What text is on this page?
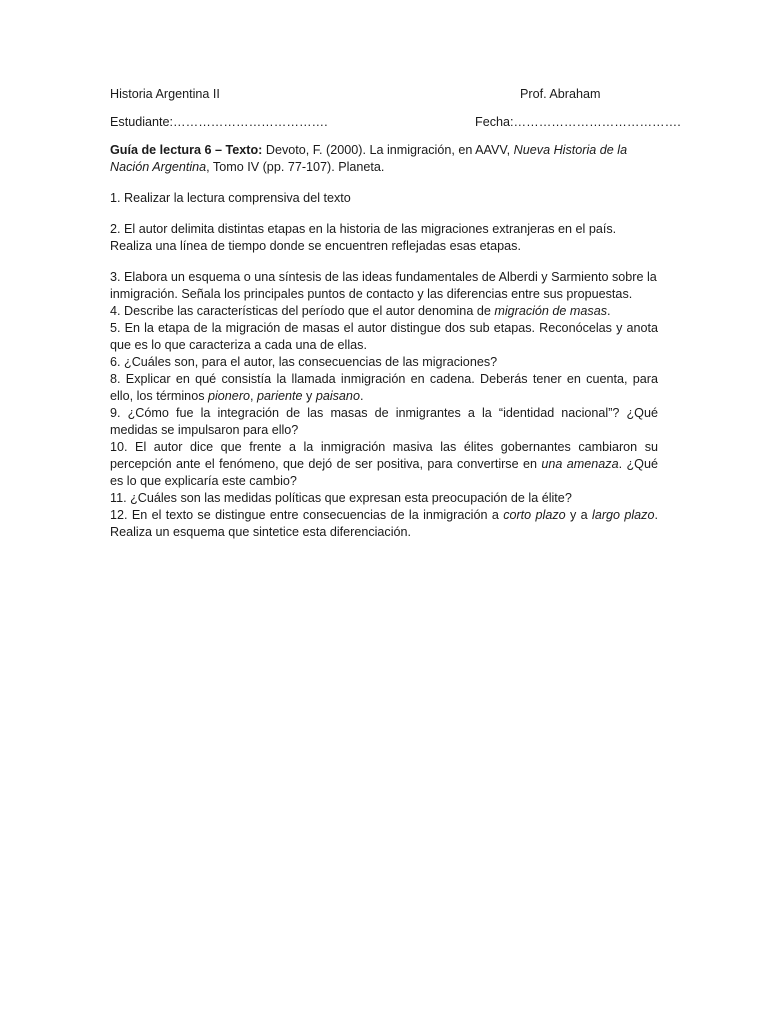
Historia Argentina II	Prof. Abraham
Estudiante:……………………………….	Fecha:………………………………….

Guía de lectura 6 – Texto: Devoto, F. (2000). La inmigración, en AAVV, Nueva Historia de la Nación Argentina, Tomo IV (pp. 77-107). Planeta.

1. Realizar la lectura comprensiva del texto

2. El autor delimita distintas etapas en la historia de las migraciones extranjeras en el país. Realiza una línea de tiempo donde se encuentren reflejadas esas etapas.

3. Elabora un esquema o una síntesis de las ideas fundamentales de Alberdi y Sarmiento sobre la inmigración. Señala los principales puntos de contacto y las diferencias entre sus propuestas.

4. Describe las características del período que el autor denomina de migración de masas.

5. En la etapa de la migración de masas el autor distingue dos sub etapas. Reconócelas y anota que es lo que caracteriza a cada una de ellas.

6. ¿Cuáles son, para el autor, las consecuencias de las migraciones?

8. Explicar en qué consistía la llamada inmigración en cadena. Deberás tener en cuenta, para ello, los términos pionero, pariente y paisano.

9. ¿Cómo fue la integración de las masas de inmigrantes a la “identidad nacional”? ¿Qué medidas se impulsaron para ello?

10. El autor dice que frente a la inmigración masiva las élites gobernantes cambiaron su percepción ante el fenómeno, que dejó de ser positiva, para convertirse en una amenaza. ¿Qué es lo que explicaría este cambio?

11. ¿Cuáles son las medidas políticas que expresan esta preocupación de la élite?

12. En el texto se distingue entre consecuencias de la inmigración a corto plazo y a largo plazo. Realiza un esquema que sintetice esta diferenciación.
